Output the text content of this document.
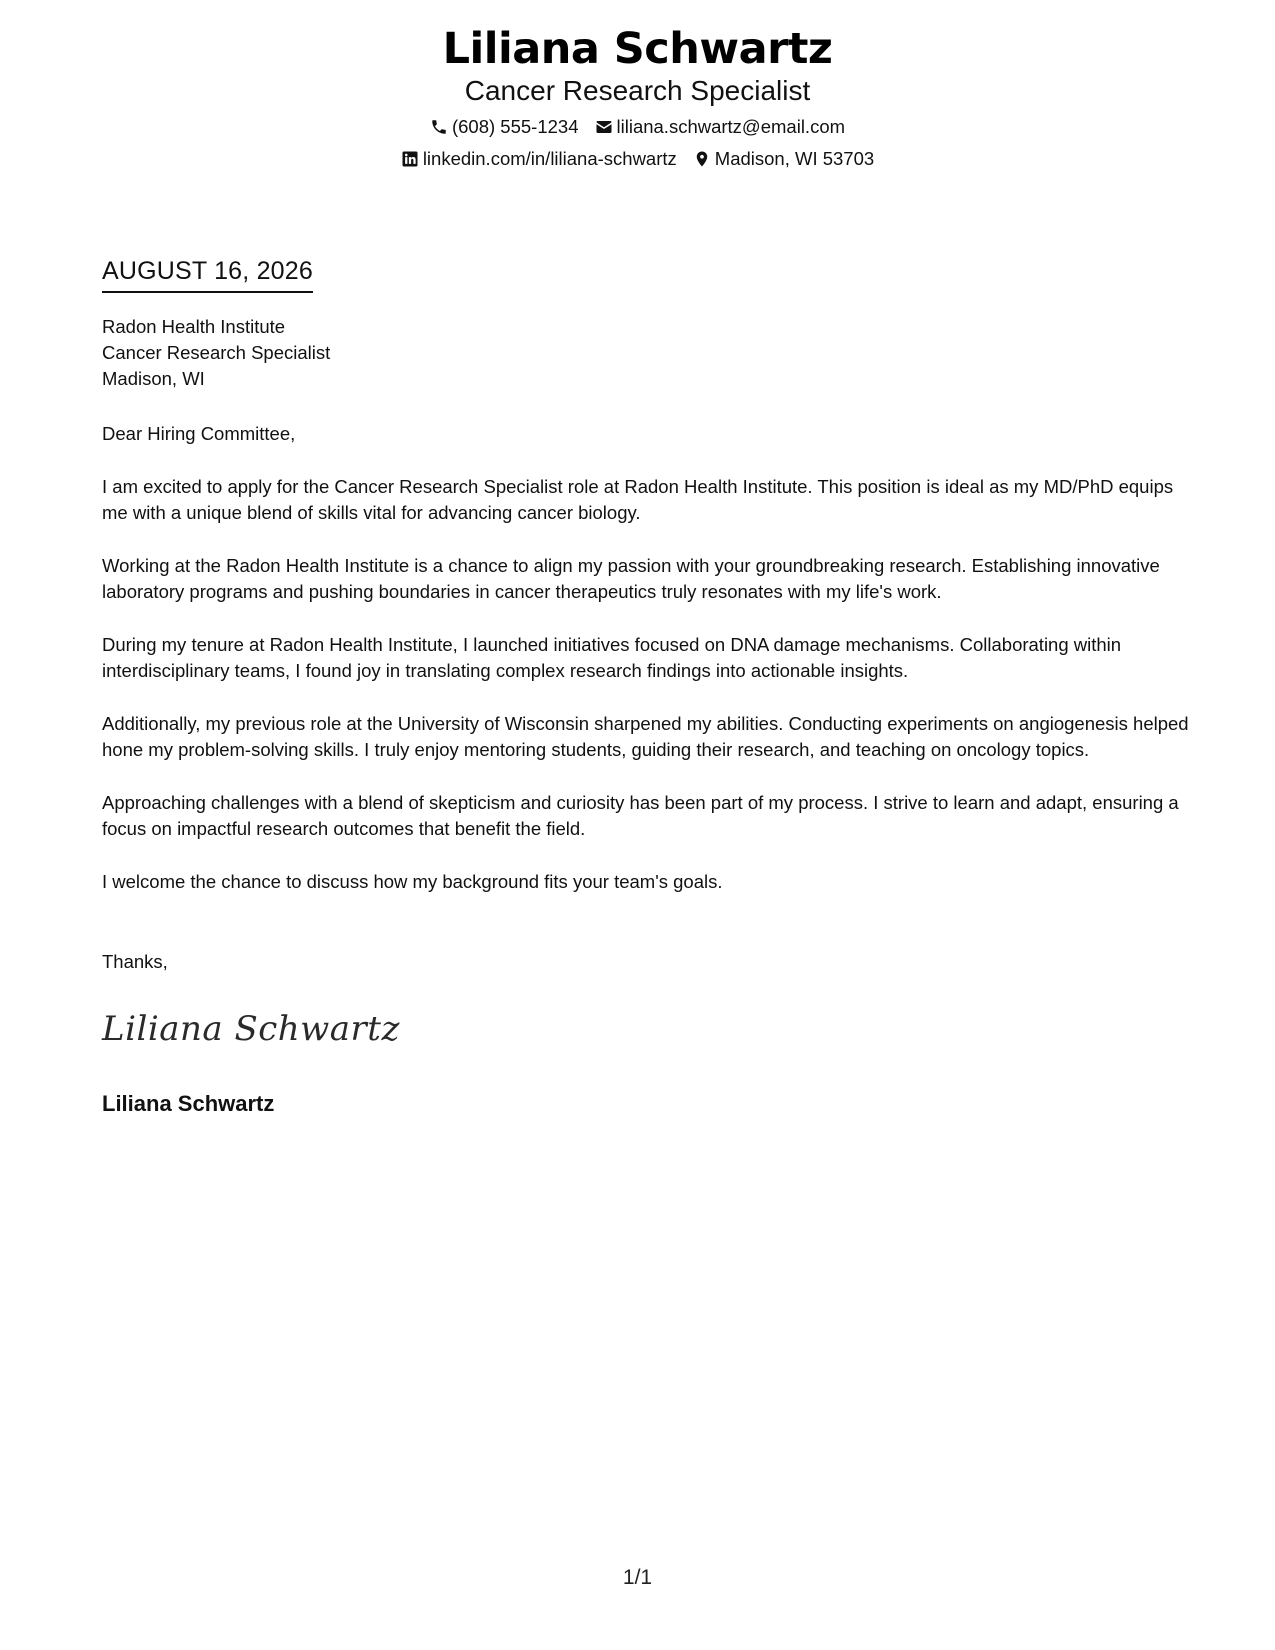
Liliana Schwartz
Cancer Research Specialist
(608) 555-1234 liliana.schwartz@email.com
linkedin.com/in/liliana-schwartz Madison, WI 53703
AUGUST 16, 2026
Radon Health Institute
Cancer Research Specialist
Madison, WI

Dear Hiring Committee,

I am excited to apply for the Cancer Research Specialist role at Radon Health Institute. This position is ideal as my MD/PhD equips me with a unique blend of skills vital for advancing cancer biology.

Working at the Radon Health Institute is a chance to align my passion with your groundbreaking research. Establishing innovative laboratory programs and pushing boundaries in cancer therapeutics truly resonates with my life's work.

During my tenure at Radon Health Institute, I launched initiatives focused on DNA damage mechanisms. Collaborating within interdisciplinary teams, I found joy in translating complex research findings into actionable insights.

Additionally, my previous role at the University of Wisconsin sharpened my abilities. Conducting experiments on angiogenesis helped hone my problem-solving skills. I truly enjoy mentoring students, guiding their research, and teaching on oncology topics.

Approaching challenges with a blend of skepticism and curiosity has been part of my process. I strive to learn and adapt, ensuring a focus on impactful research outcomes that benefit the field.

I welcome the chance to discuss how my background fits your team's goals.

Thanks,
Liliana Schwartz
Liliana Schwartz
1/1
